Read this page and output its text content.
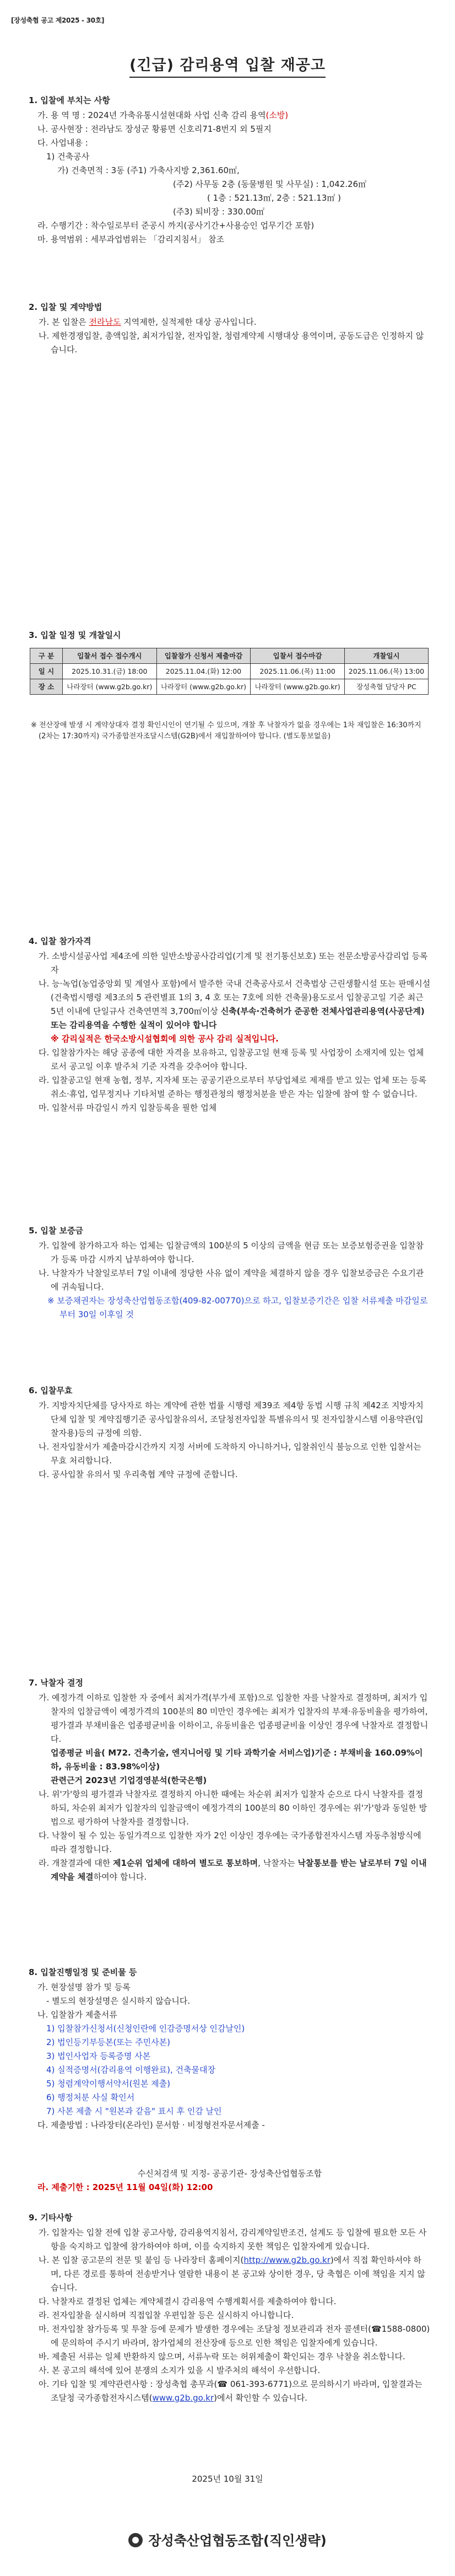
[장성축협 공고 제2025 - 30호]
(긴급) 감리용역 입찰 재공고
1. 입찰에 부치는 사항
가. 용 역 명 : 2024년 가축유통시설현대화 사업 신축 감리 용역(소방)
나. 공사현장 : 전라남도 장성군 황룡면 신호리71-8번지 외 5필지
다. 사업내용 :
1) 건축공사
가) 건축면적 : 3동 (주1) 가축사지방 2,361.60㎡,
(주2) 사무동 2층 (동물병원 및 사무실) : 1,042.26㎡
( 1층 : 521.13㎡, 2층 : 521.13㎡ )
(주3) 퇴비장 : 330.00㎡
라. 수행기간 : 착수일로부터 준공시 까지(공사기간+사용승인 업무기간 포함)
마. 용역범위 : 세부과업범위는 「감리지침서」 참조
2. 입찰 및 계약방법
가. 본 입찰은 전라남도 지역제한, 실적제한 대상 공사입니다.
나. 제한경쟁입찰, 총액입찰, 최저가입찰, 전자입찰, 청렴계약제 시행대상 용역이며, 공동도급은 인정하지 않습니다.
3. 입찰 일정 및 개찰일시
구 분	입찰서 접수 접수개시	입찰참가 신청서 제출마감	입찰서 접수마감	개찰일시
일 시	2025.10.31.(금) 18:00	2025.11.04.(화) 12:00	2025.11.06.(목) 11:00	2025.11.06.(목) 13:00
장 소	나라장터 (www.g2b.go.kr)	나라장터 (www.g2b.go.kr)	나라장터 (www.g2b.go.kr)	장성축협 담당자 PC
※ 전산장애 발생 시 계약상대자 결정 확인시인이 연기될 수 있으며, 개찰 후 낙찰자가 없을 경우에는 1차 재입찰은 16:30까지 (2차는 17:30까지) 국가종합전자조달시스템(G2B)에서 재입찰하여야 합니다. (별도통보없음)
4. 입찰 참가자격
가. 소방시설공사업 제4조에 의한 일반소방공사감리업(기계 및 전기통신보호) 또는 전문소방공사감리업 등록자
나. 능·녹업(농업중앙회 및 계열사 포함)에서 발주한 국내 건축공사로서 건축법상 근린생활시설 또는 판매시설(건축법시행령 제3조의 5 관련별표 1의 3, 4 호 또는 7호에 의한 건축물)용도로서 입찰공고일 기준 최근 5년 이내에 단일규사 건축연면적 3,700㎡이상 신축(부속·건축허가 준공한 전체사업관리용역(사공단계) 또는 감리용역을 수행한 실적이 있어야 합니다
※ 감리실적은 한국소방시설협회에 의한 공사 감리 실적입니다.
다. 입찰참가자는 해당 공종에 대한 자격을 보유하고, 입찰공고일 현재 등록 및 사업장이 소재지에 있는 업체로서 공고일 이후 발주처 기준 자격을 갖추어야 합니다.
라. 입찰공고일 현재 농협, 정부, 지자체 또는 공공기관으로부터 부당업체로 제재를 받고 있는 업체 또는 등록 취소·휴업, 업무정지나 기타처벌 준하는 행정관청의 행정처분을 받은 자는 입찰에 참여 할 수 없습니다.
마. 입찰서류 마감일시 까지 입찰등록을 필한 업체
5. 입찰 보증금
가. 입찰에 참가하고자 하는 업체는 입찰금액의 100분의 5 이상의 금액을 현금 또는 보증보험증권을 입찰참가 등록 마감 시까지 납부하여야 합니다.
나. 낙찰자가 낙찰일로부터 7일 이내에 정당한 사유 없이 계약을 체결하지 않을 경우 입찰보증금은 수요기관에 귀속됩니다.
※ 보증채권자는 장성축산업협동조합(409-82-00770)으로 하고, 입찰보증기간은 입찰 서류제출 마감일로부터 30일 이후일 것
6. 입찰무효
가. 지방자치단체를 당사자로 하는 계약에 관한 법률 시행령 제39조 제4항 동법 시행 규칙 제42조 지방자치단체 입찰 및 계약집행기준 공사입찰유의서, 조달청전자입찰 특별유의서 및 전자입찰시스템 이용약관(입찰자용)등의 규정에 의함.
나. 전자입찰서가 제출마감시간까지 지정 서버에 도착하지 아니하거나, 입찰취인식 불능으로 인한 입찰서는 무효 처리합니다.
다. 공사입찰 유의서 및 우리축협 계약 규정에 준합니다.
7. 낙찰자 결정
가. 예정가격 이하로 입찰한 자 중에서 최저가격(부가세 포함)으로 입찰한 자를 낙찰자로 결정하며, 최저가 입찰자의 입찰금액이 예정가격의 100분의 80 미만인 경우에는 최저가 입찰자의 부채·유동비율을 평가하여, 평가결과 부채비율은 업종평균비율 이하이고, 유동비율은 업종평균비율 이상인 경우에 낙찰자로 결정합니다.
업종평균 비율( M72. 건축기술, 엔지니어링 및 기타 과학기술 서비스업)기준 : 부채비율 160.09%이하, 유동비율 : 83.98%이상)
관련근거 2023년 기업경영분석(한국은행)
나. 위'가'항의 평가결과 낙찰자로 결정하지 아니한 때에는 차순위 최저가 입찰자 순으로 다시 낙찰자를 결정하되, 차순위 최저가 입찰자의 입찰금액이 예정가격의 100분의 80 이하인 경우에는 위'가'항과 동일한 방법으로 평가하여 낙찰자를 결정합니다.
다. 낙찰이 될 수 있는 동일가격으로 입찰한 자가 2인 이상인 경우에는 국가종합전자시스템 자동추첨방식에 따라 결정합니다.
라. 개찰결과에 대한 제1순위 업체에 대하여 별도로 통보하며, 낙찰자는 낙찰통보를 받는 날로부터 7일 이내 계약을 체결하여야 합니다.
8. 입찰진행일정 및 준비물 등
가. 현장설명 참가 및 등록
- 별도의 현장설명은 실시하지 않습니다.
나. 입찰참가 제출서류
1) 입찰참가신청서(신청인란에 인감증명서상 인감날인)
2) 법인등기부등본(또는 주민사본)
3) 법인사업자 등록증명 사본
4) 실적증명서(감리용역 이행완료), 건축물대장
5) 청렴계약이행서약서(원본 제출)
6) 행정처분 사실 확인서
7) 사본 제출 시 "원본과 같음" 표시 후 인감 날인
다. 제출방법 : 나라장터(온라인) 문서함 · 비정형전자문서제출 -
수신처검색 및 지정- 공공기관- 장성축산업협동조합
라. 제출기한 : 2025년 11월 04일(화) 12:00
9. 기타사항
가. 입찰자는 입찰 전에 입찰 공고사항, 감리용역지침서, 감리계약일반조건, 설계도 등 입찰에 필요한 모든 사항을 숙지하고 입찰에 참가하여야 하며, 이를 숙지하지 못한 책임은 입찰자에게 있습니다.
나. 본 입찰 공고문의 전문 및 붙임 등 나라장터 홈페이지(http://www.g2b.go.kr)에서 직접 확인하셔야 하며, 다른 경로를 통하여 전송받거나 열람한 내용이 본 공고와 상이한 경우, 당 축협은 이에 책임을 지지 않습니다.
다. 낙찰자로 결정된 업체는 계약체결시 감리용역 수행계획서를 제출하여야 합니다.
라. 전자입찰을 실시하며 직접입찰 우편입찰 등은 실시하지 아니합니다.
마. 전자입찰 참가등록 및 투찰 등에 문제가 발생한 경우에는 조달청 정보관리과 전자 콜센터(☎1588-0800)에 문의하여 주시기 바라며, 참가업체의 전산장애 등으로 인한 책임은 입찰자에게 있습니다.
바. 제출된 서류는 일체 반환하지 않으며, 서류누락 또는 허위제출이 확인되는 경우 낙찰을 취소합니다.
사. 본 공고의 해석에 있어 분쟁의 소지가 있을 시 발주처의 해석이 우선합니다.
아. 기타 입찰 및 계약관련사항 : 장성축협 총무과(☎ 061-393-6771)으로 문의하시기 바라며, 입찰결과는 조달청 국가종합전자시스템(www.g2b.go.kr)에서 확인할 수 있습니다.
2025년 10월 31일
장성축산업협동조합(직인생략)
